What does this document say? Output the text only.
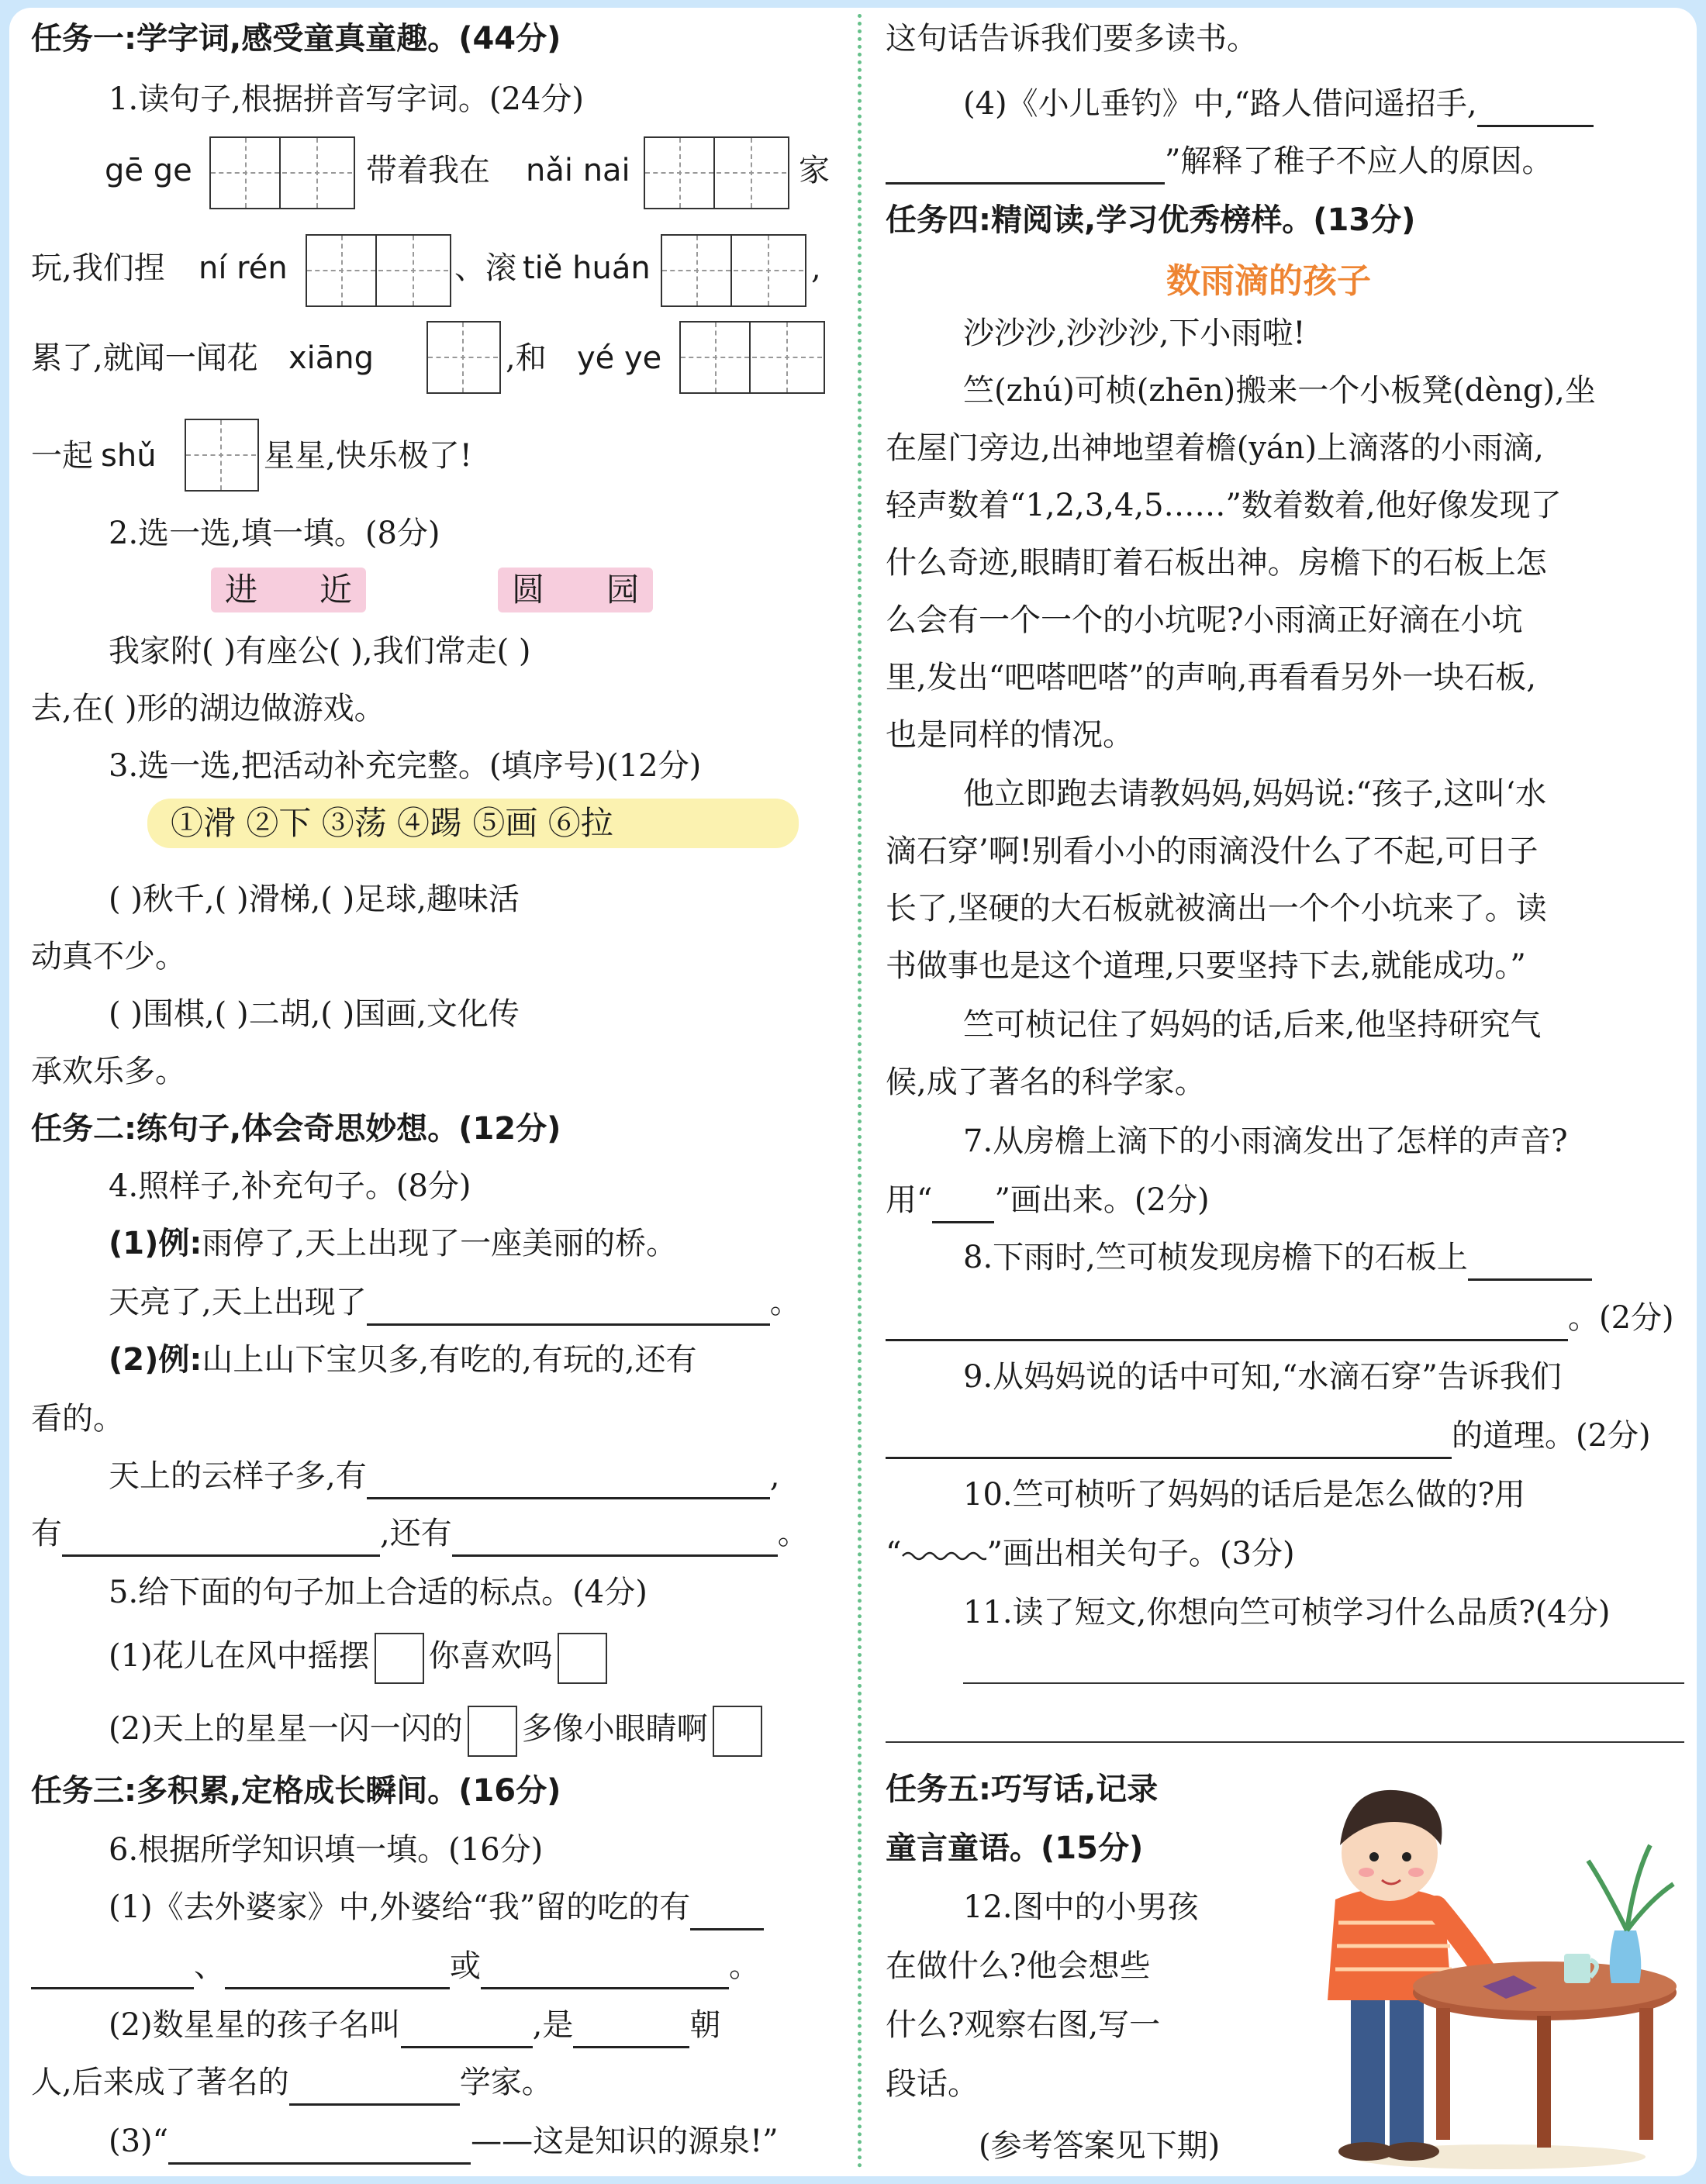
任务一:学字词,感受童真童趣。(44分)
1.读句子,根据拼音写字词。(24分)
gē ge	带着我在 nǎi nai	家
玩,我们捏 ní rén	、滚 tiě huán	,
累了,就闻一闻花 xiāng	,和 yé ye
一起 shǔ	星星,快乐极了!
2.选一选,填一填。(8分)
进 近	圆 园
我家附( )有座公( ),我们常走( )
去,在( )形的湖边做游戏。
3.选一选,把活动补充完整。(填序号)(12分)
①滑 ②下 ③荡 ④踢 ⑤画 ⑥拉
( )秋千,( )滑梯,( )足球,趣味活
动真不少。
( )围棋,( )二胡,( )国画,文化传
承欢乐多。
任务二:练句子,体会奇思妙想。(12分)
4.照样子,补充句子。(8分)
(1)例:雨停了,天上出现了一座美丽的桥。
天亮了,天上出现了	。
(2)例:山上山下宝贝多,有吃的,有玩的,还有
看的。
天上的云样子多,有	,
有	,还有	。
5.给下面的句子加上合适的标点。(4分)
(1)花儿在风中摇摆 你喜欢吗
(2)天上的星星一闪一闪的 多像小眼睛啊
任务三:多积累,定格成长瞬间。(16分)
6.根据所学知识填一填。(16分)
(1)《去外婆家》中,外婆给“我”留的吃的有
、	或	。
(2)数星星的孩子名叫	,是	朝
人,后来成了著名的	学家。
(3)“	——这是知识的源泉!”
这句话告诉我们要多读书。
(4)《小儿垂钓》中,“路人借问遥招手,
”解释了稚子不应人的原因。
任务四:精阅读,学习优秀榜样。(13分)
数雨滴的孩子
沙沙沙,沙沙沙,下小雨啦!
竺(zhú)可桢(zhēn)搬来一个小板凳(dèng),坐
在屋门旁边,出神地望着檐(yán)上滴落的小雨滴,
轻声数着“1,2,3,4,5……”数着数着,他好像发现了
什么奇迹,眼睛盯着石板出神。房檐下的石板上怎
么会有一个一个的小坑呢?小雨滴正好滴在小坑
里,发出“吧嗒吧嗒”的声响,再看看另外一块石板,
也是同样的情况。
他立即跑去请教妈妈,妈妈说:“孩子,这叫‘水
滴石穿’啊!别看小小的雨滴没什么了不起,可日子
长了,坚硬的大石板就被滴出一个个小坑来了。读
书做事也是这个道理,只要坚持下去,就能成功。”
竺可桢记住了妈妈的话,后来,他坚持研究气
候,成了著名的科学家。
7.从房檐上滴下的小雨滴发出了怎样的声音?
用“ ”画出来。(2分)
8.下雨时,竺可桢发现房檐下的石板上
。(2分)
9.从妈妈说的话中可知,“水滴石穿”告诉我们
的道理。(2分)
10.竺可桢听了妈妈的话后是怎么做的?用
“	”画出相关句子。(3分)
11.读了短文,你想向竺可桢学习什么品质?(4分)
任务五:巧写话,记录
童言童语。(15分)
12.图中的小男孩
在做什么?他会想些
什么?观察右图,写一
段话。
(参考答案见下期)
